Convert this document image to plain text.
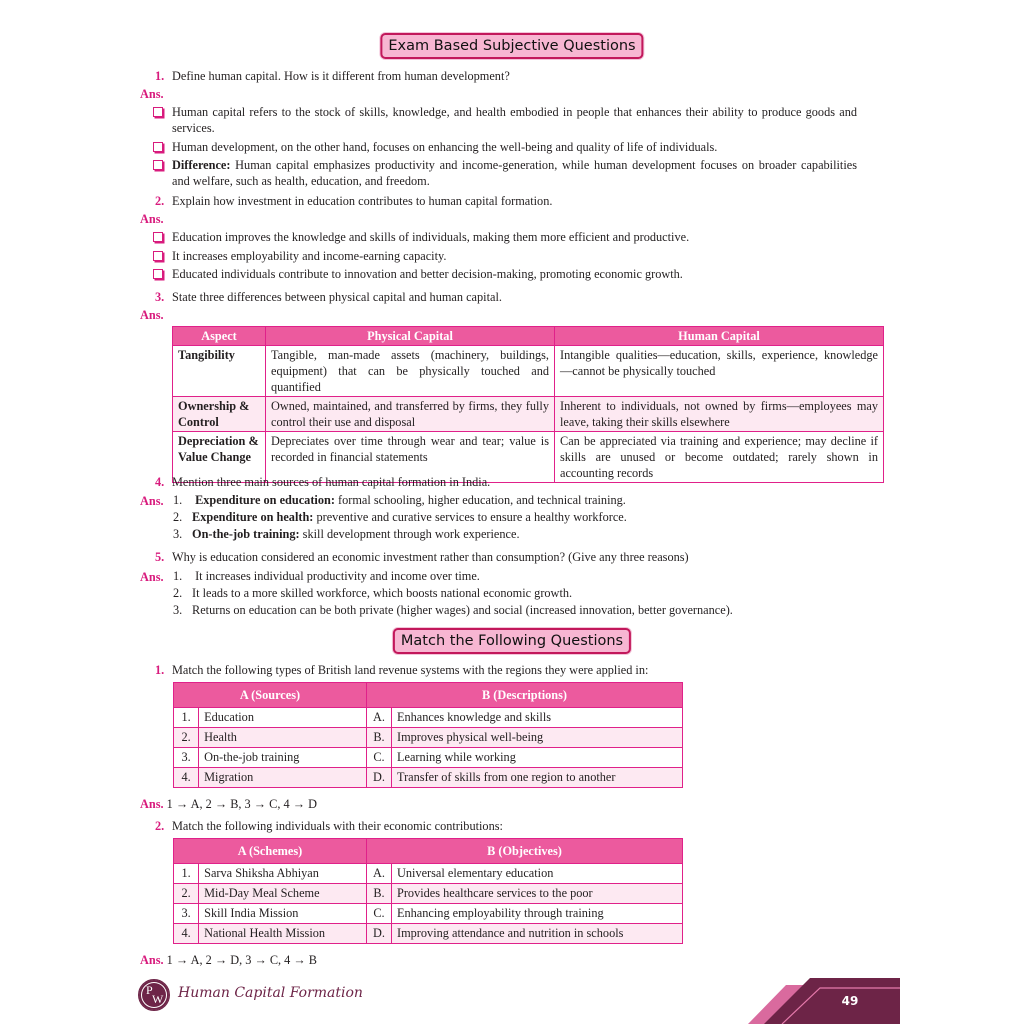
Exam Based Subjective Questions
1. Define human capital. How is it different from human development?
Ans.
Human capital refers to the stock of skills, knowledge, and health embodied in people that enhances their ability to produce goods and services.
Human development, on the other hand, focuses on enhancing the well-being and quality of life of individuals.
Difference: Human capital emphasizes productivity and income-generation, while human development focuses on broader capabilities and welfare, such as health, education, and freedom.
2. Explain how investment in education contributes to human capital formation.
Ans.
Education improves the knowledge and skills of individuals, making them more efficient and productive.
It increases employability and income-earning capacity.
Educated individuals contribute to innovation and better decision-making, promoting economic growth.
3. State three differences between physical capital and human capital.
Ans.
Aspect	Physical Capital	Human Capital
Tangibility	Tangible, man-made assets (machinery, buildings, equipment) that can be physically touched and quantified	Intangible qualities—education, skills, experience, knowledge—cannot be physically touched
Ownership & Control	Owned, maintained, and transferred by firms, they fully control their use and disposal	Inherent to individuals, not owned by firms—employees may leave, taking their skills elsewhere
Depreciation & Value Change	Depreciates over time through wear and tear; value is recorded in financial statements	Can be appreciated via training and experience; may decline if skills are unused or become outdated; rarely shown in accounting records
4. Mention three main sources of human capital formation in India.
Ans. 1. Expenditure on education: formal schooling, higher education, and technical training.
2. Expenditure on health: preventive and curative services to ensure a healthy workforce.
3. On-the-job training: skill development through work experience.
5. Why is education considered an economic investment rather than consumption? (Give any three reasons)
Ans. 1. It increases individual productivity and income over time.
2. It leads to a more skilled workforce, which boosts national economic growth.
3. Returns on education can be both private (higher wages) and social (increased innovation, better governance).
Match the Following Questions
1. Match the following types of British land revenue systems with the regions they were applied in:
A (Sources)		B (Descriptions)	
1.	Education	A.	Enhances knowledge and skills
2.	Health	B.	Improves physical well-being
3.	On-the-job training	C.	Learning while working
4.	Migration	D.	Transfer of skills from one region to another
Ans. 1 → A, 2 → B, 3 → C, 4 → D
2. Match the following individuals with their economic contributions:
A (Schemes)		B (Objectives)	
1.	Sarva Shiksha Abhiyan	A.	Universal elementary education
2.	Mid-Day Meal Scheme	B.	Provides healthcare services to the poor
3.	Skill India Mission	C.	Enhancing employability through training
4.	National Health Mission	D.	Improving attendance and nutrition in schools
Ans. 1 → A, 2 → D, 3 → C, 4 → B
P
W Human Capital Formation	49
